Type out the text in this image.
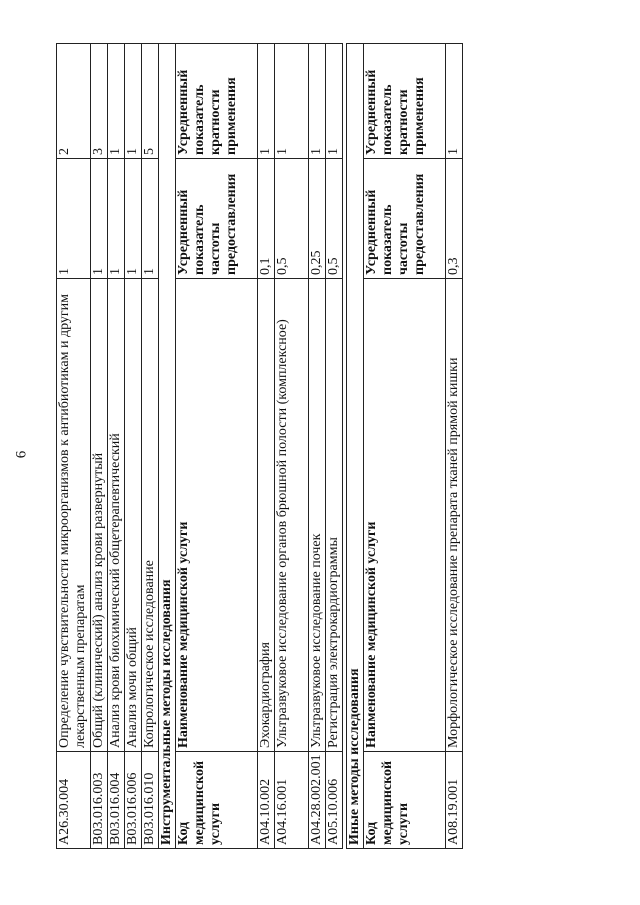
6
A26.30.004	Определение чувствительности микроорганизмов к антибиотикам и другим лекарственным препаратам	1	2
B03.016.003	Общий (клинический) анализ крови развернутый	1	3
B03.016.004	Анализ крови биохимический общетерапевтический	1	1
B03.016.006	Анализ мочи общий	1	1
B03.016.010	Копрологическое исследование	1	5
Инструментальные методы исследования			
Код медицинской услуги	Наименование медицинской услуги	Усредненный показатель частоты предоставления	Усредненный показатель кратности применения
A04.10.002	Эхокардиография	0,1	1
A04.16.001	Ультразвуковое исследование органов брюшной полости (комплексное)	0,5	1
A04.28.002.001	Ультразвуковое исследование почек	0,25	1
A05.10.006	Регистрация электрокардиограммы	0,5	1

Иные методы исследования			
Код медицинской услуги	Наименование медицинской услуги	Усредненный показатель частоты предоставления	Усредненный показатель кратности применения
A08.19.001	Морфологическое исследование препарата тканей прямой кишки	0,3	1
